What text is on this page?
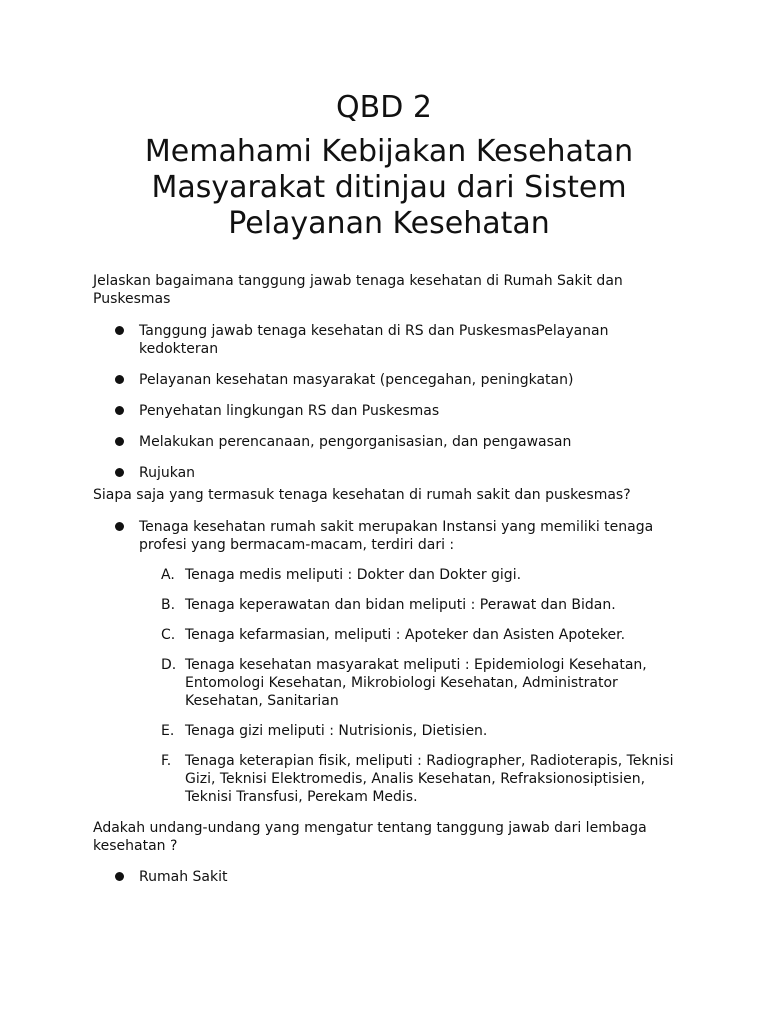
QBD 2
Memahami Kebijakan Kesehatan Masyarakat ditinjau dari Sistem Pelayanan Kesehatan

Jelaskan bagaimana tanggung jawab tenaga kesehatan di Rumah Sakit dan Puskesmas

Tanggung jawab tenaga kesehatan di RS dan PuskesmasPelayanan kedokteran
Pelayanan kesehatan masyarakat (pencegahan, peningkatan)
Penyehatan lingkungan RS dan Puskesmas
Melakukan perencanaan, pengorganisasian, dan pengawasan
Rujukan

Siapa saja yang termasuk tenaga kesehatan di rumah sakit dan puskesmas?

Tenaga kesehatan rumah sakit merupakan Instansi yang memiliki tenaga profesi yang bermacam-macam, terdiri dari :
A. Tenaga medis meliputi : Dokter dan Dokter gigi.
B. Tenaga keperawatan dan bidan meliputi : Perawat dan Bidan.
C. Tenaga kefarmasian, meliputi : Apoteker dan Asisten Apoteker.
D. Tenaga kesehatan masyarakat meliputi : Epidemiologi Kesehatan, Entomologi Kesehatan, Mikrobiologi Kesehatan, Administrator Kesehatan, Sanitarian
E. Tenaga gizi meliputi : Nutrisionis, Dietisien.
F. Tenaga keterapian fisik, meliputi : Radiographer, Radioterapis, Teknisi Gizi, Teknisi Elektromedis, Analis Kesehatan, Refraksionosiptisien, Teknisi Transfusi, Perekam Medis.

Adakah undang-undang yang mengatur tentang tanggung jawab dari lembaga kesehatan ?

Rumah Sakit
